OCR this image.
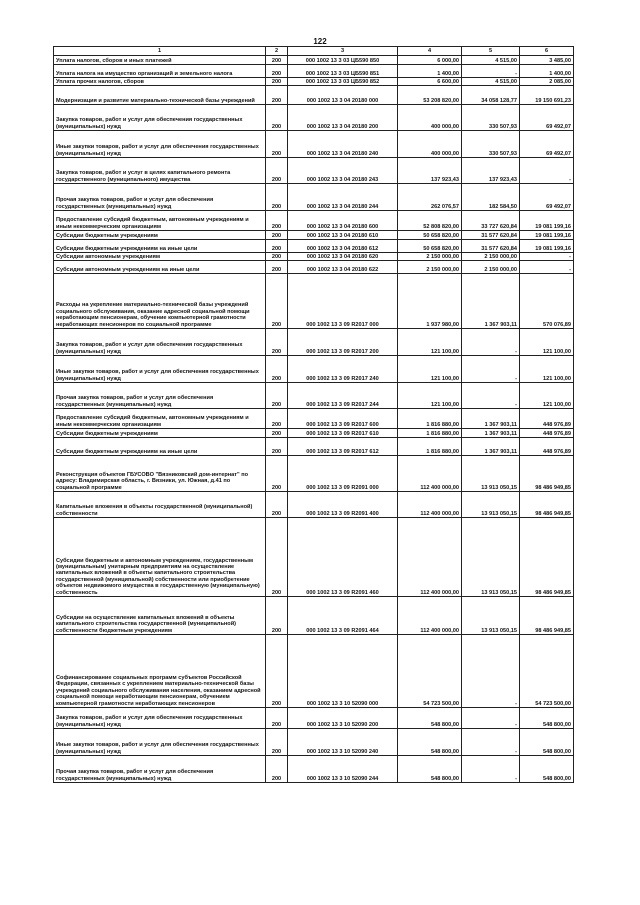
122
1	2	3	4	5	6
Уплата налогов, сборов и иных платежей	200	000 1002 13 3 03 ЦБ590 850	6 000,00	4 515,00	3 485,00
Уплата налога на имущество организаций и земельного налога	200	000 1002 13 3 03 ЦБ590 851	1 400,00	-	1 400,00
Уплата прочих налогов, сборов	200	000 1002 13 3 03 ЦБ590 852	6 600,00	4 515,00	2 085,00
Модернизация и развитие материально-технической базы учреждений	200	000 1002 13 3 04 20180 000	53 208 820,00	34 058 128,77	19 150 691,23
Закупка товаров, работ и услуг для обеспечения государственных (муниципальных) нужд	200	000 1002 13 3 04 20180 200	400 000,00	330 507,93	69 492,07
Иные закупки товаров, работ и услуг для обеспечения государственных (муниципальных) нужд	200	000 1002 13 3 04 20180 240	400 000,00	330 507,93	69 492,07
Закупка товаров, работ и услуг в целях капитального ремонта государственного (муниципального) имущества	200	000 1002 13 3 04 20180 243	137 923,43	137 923,43	-
Прочая закупка товаров, работ и услуг для обеспечения государственных (муниципальных) нужд	200	000 1002 13 3 04 20180 244	262 076,57	182 584,50	69 492,07
Предоставление субсидий бюджетным, автономным учреждениям и иным некоммерческим организациям	200	000 1002 13 3 04 20180 600	52 808 820,00	33 727 620,84	19 081 199,16
Субсидии бюджетным учреждениям	200	000 1002 13 3 04 20180 610	50 658 820,00	31 577 620,84	19 081 199,16
Субсидии бюджетным учреждениям на иные цели	200	000 1002 13 3 04 20180 612	50 658 820,00	31 577 620,84	19 081 199,16
Субсидии автономным учреждениям	200	000 1002 13 3 04 20180 620	2 150 000,00	2 150 000,00	-
Субсидии автономным учреждениям на иные цели	200	000 1002 13 3 04 20180 622	2 150 000,00	2 150 000,00	-
Расходы на укрепление материально-технической базы учреждений социального обслуживания, оказание адресной социальной помощи неработающим пенсионерам, обучение компьютерной грамотности неработающих пенсионеров по социальной программе	200	000 1002 13 3 09 R2017 000	1 937 980,00	1 367 903,11	570 076,89
Закупка товаров, работ и услуг для обеспечения государственных (муниципальных) нужд	200	000 1002 13 3 09 R2017 200	121 100,00	-	121 100,00
Иные закупки товаров, работ и услуг для обеспечения государственных (муниципальных) нужд	200	000 1002 13 3 09 R2017 240	121 100,00	-	121 100,00
Прочая закупка товаров, работ и услуг для обеспечения государственных (муниципальных) нужд	200	000 1002 13 3 09 R2017 244	121 100,00	-	121 100,00
Предоставление субсидий бюджетным, автономным учреждениям и иным некоммерческим организациям	200	000 1002 13 3 09 R2017 600	1 816 880,00	1 367 903,11	448 976,89
Субсидии бюджетным учреждениям	200	000 1002 13 3 09 R2017 610	1 816 880,00	1 367 903,11	448 976,89
Субсидии бюджетным учреждениям на иные цели	200	000 1002 13 3 09 R2017 612	1 816 880,00	1 367 903,11	448 976,89
Реконструкция объектов ГБУСОВО "Вязниковский дом-интернат" по адресу: Владимирская область, г. Вязники, ул. Южная, д.41 по социальной программе	200	000 1002 13 3 09 R2091 000	112 400 000,00	13 913 050,15	98 486 949,85
Капитальные вложения в объекты государственной (муниципальной) собственности	200	000 1002 13 3 09 R2091 400	112 400 000,00	13 913 050,15	98 486 949,85
Субсидии бюджетным и автономным учреждениям, государственным (муниципальным) унитарным предприятиям на осуществление капитальных вложений в объекты капитального строительства государственной (муниципальной) собственности или приобретение объектов недвижимого имущества в государственную (муниципальную) собственность	200	000 1002 13 3 09 R2091 460	112 400 000,00	13 913 050,15	98 486 949,85
Субсидии на осуществление капитальных вложений в объекты капитального строительства государственной (муниципальной) собственности бюджетным учреждениям	200	000 1002 13 3 09 R2091 464	112 400 000,00	13 913 050,15	98 486 949,85
Софинансирование социальных программ субъектов Российской Федерации, связанных с укреплением материально-технической базы учреждений социального обслуживания населения, оказанием адресной социальной помощи неработающим пенсионерам, обучением компьютерной грамотности неработающих пенсионеров	200	000 1002 13 3 10 52090 000	54 723 500,00	-	54 723 500,00
Закупка товаров, работ и услуг для обеспечения государственных (муниципальных) нужд	200	000 1002 13 3 10 52090 200	548 800,00	-	548 800,00
Иные закупки товаров, работ и услуг для обеспечения государственных (муниципальных) нужд	200	000 1002 13 3 10 52090 240	548 800,00	-	548 800,00
Прочая закупка товаров, работ и услуг для обеспечения государственных (муниципальных) нужд	200	000 1002 13 3 10 52090 244	548 800,00	-	548 800,00
